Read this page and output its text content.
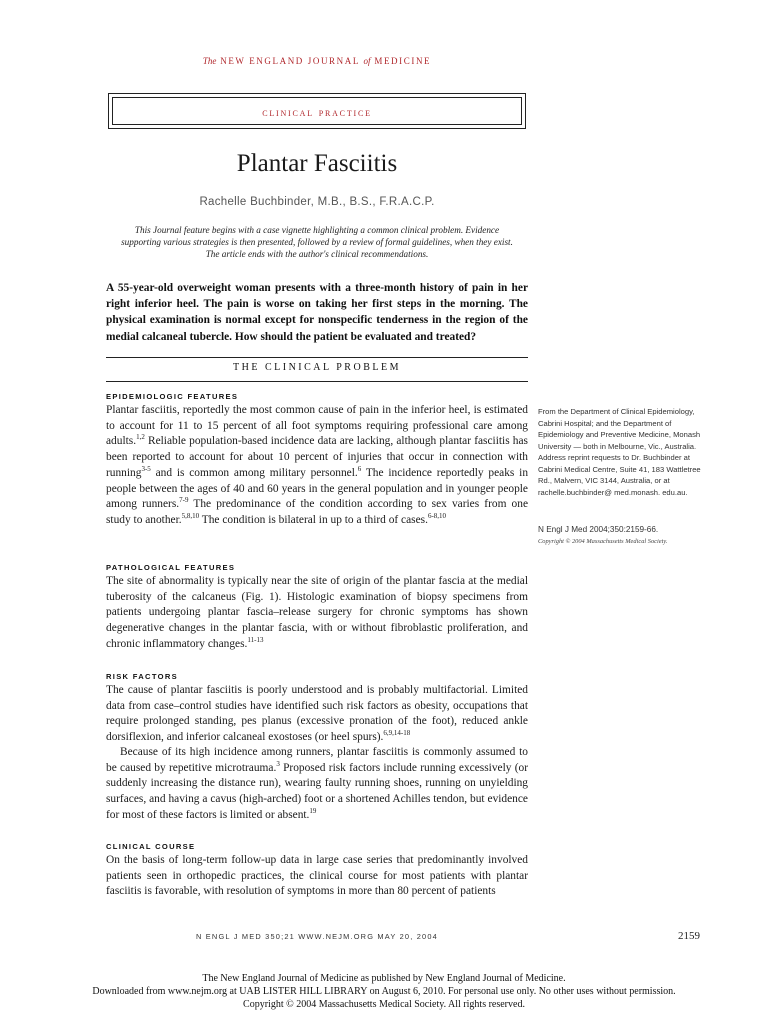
The NEW ENGLAND JOURNAL of MEDICINE
clinical practice
Plantar Fasciitis
Rachelle Buchbinder, M.B., B.S., F.R.A.C.P.
This Journal feature begins with a case vignette highlighting a common clinical problem. Evidence supporting various strategies is then presented, followed by a review of formal guidelines, when they exist. The article ends with the author's clinical recommendations.
A 55-year-old overweight woman presents with a three-month history of pain in her right inferior heel. The pain is worse on taking her first steps in the morning. The physical examination is normal except for nonspecific tenderness in the region of the medial calcaneal tubercle. How should the patient be evaluated and treated?
THE CLINICAL PROBLEM
EPIDEMIOLOGIC FEATURES
Plantar fasciitis, reportedly the most common cause of pain in the inferior heel, is estimated to account for 11 to 15 percent of all foot symptoms requiring professional care among adults.$^{1,2}$ Reliable population-based incidence data are lacking, although plantar fasciitis has been reported to account for about 10 percent of injuries that occur in connection with running$^{3-5}$ and is common among military personnel.$^6$ The incidence reportedly peaks in people between the ages of 40 and 60 years in the general population and in younger people among runners.$^{7-9}$ The predominance of the condition according to sex varies from one study to another.$^{5,8,10}$ The condition is bilateral in up to a third of cases.$^{6-8,10}$
PATHOLOGICAL FEATURES
The site of abnormality is typically near the site of origin of the plantar fascia at the medial tuberosity of the calcaneus (Fig. 1). Histologic examination of biopsy specimens from patients undergoing plantar fascia–release surgery for chronic symptoms has shown degenerative changes in the plantar fascia, with or without fibroblastic proliferation, and chronic inflammatory changes.$^{11-13}$
RISK FACTORS
The cause of plantar fasciitis is poorly understood and is probably multifactorial. Limited data from case–control studies have identified such risk factors as obesity, occupations that require prolonged standing, pes planus (excessive pronation of the foot), reduced ankle dorsiflexion, and inferior calcaneal exostoses (or heel spurs).$^{6,9,14-18}$
Because of its high incidence among runners, plantar fasciitis is commonly assumed to be caused by repetitive microtrauma.$^3$ Proposed risk factors include running excessively (or suddenly increasing the distance run), wearing faulty running shoes, running on unyielding surfaces, and having a cavus (high-arched) foot or a shortened Achilles tendon, but evidence for most of these factors is limited or absent.$^{19}$
CLINICAL COURSE
On the basis of long-term follow-up data in large case series that predominantly involved patients seen in orthopedic practices, the clinical course for most patients with plantar fasciitis is favorable, with resolution of symptoms in more than 80 percent of patients
From the Department of Clinical Epidemiology, Cabrini Hospital; and the Department of Epidemiology and Preventive Medicine, Monash University — both in Melbourne, Vic., Australia. Address reprint requests to Dr. Buchbinder at Cabrini Medical Centre, Suite 41, 183 Wattletree Rd., Malvern, VIC 3144, Australia, or at rachelle.buchbinder@ med.monash. edu.au.
N Engl J Med 2004;350:2159-66.
Copyright © 2004 Massachusetts Medical Society.
N ENGL J MED 350;21 WWW.NEJM.ORG MAY 20, 2004	2159
The New England Journal of Medicine as published by New England Journal of Medicine.
Downloaded from www.nejm.org at UAB LISTER HILL LIBRARY on August 6, 2010. For personal use only. No other uses without permission.
Copyright © 2004 Massachusetts Medical Society. All rights reserved.
